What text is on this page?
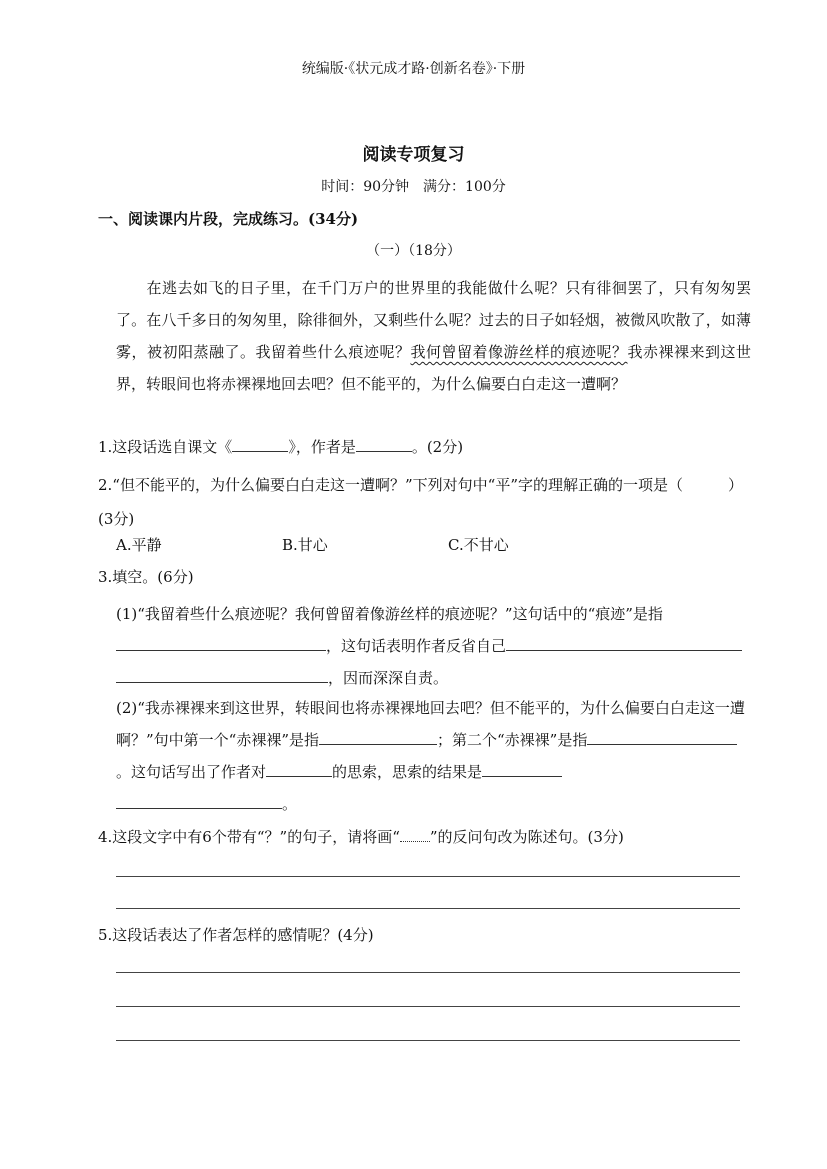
统编版·《状元成才路·创新名卷》·下册
阅读专项复习
时间：90分钟　满分：100分
一、阅读课内片段，完成练习。(34分)
（一）（18分）
在逃去如飞的日子里，在千门万户的世界里的我能做什么呢？只有徘徊罢了，只有匆匆罢了。在八千多日的匆匆里，除徘徊外，又剩些什么呢？过去的日子如轻烟，被微风吹散了，如薄雾，被初阳蒸融了。我留着些什么痕迹呢？我何曾留着像游丝样的痕迹呢？我赤裸裸来到这世界，转眼间也将赤裸裸地回去吧？但不能平的，为什么偏要白白走这一遭啊？
1.这段话选自课文《	》，作者是	。(2分)
2.“但不能平的，为什么偏要白白走这一遭啊？”下列对句中“平”字的理解正确的一项是（　　　）(3分)
A.平静	B.甘心	C.不甘心
3.填空。(6分)
(1)“我留着些什么痕迹呢？我何曾留着像游丝样的痕迹呢？”这句话中的“痕迹”是指，这句话表明作者反省自己
，因而深深自责。
(2)“我赤裸裸来到这世界，转眼间也将赤裸裸地回去吧？但不能平的，为什么偏要白白走这一遭啊？”句中第一个“赤裸裸”是指	；第二个“赤裸裸”是指。这句话写出了作者对	的思索，思索的结果是
。
4.这段文字中有6个带有“？”的句子，请将画“ ”的反问句改为陈述句。(3分)
5.这段话表达了作者怎样的感情呢？(4分)
